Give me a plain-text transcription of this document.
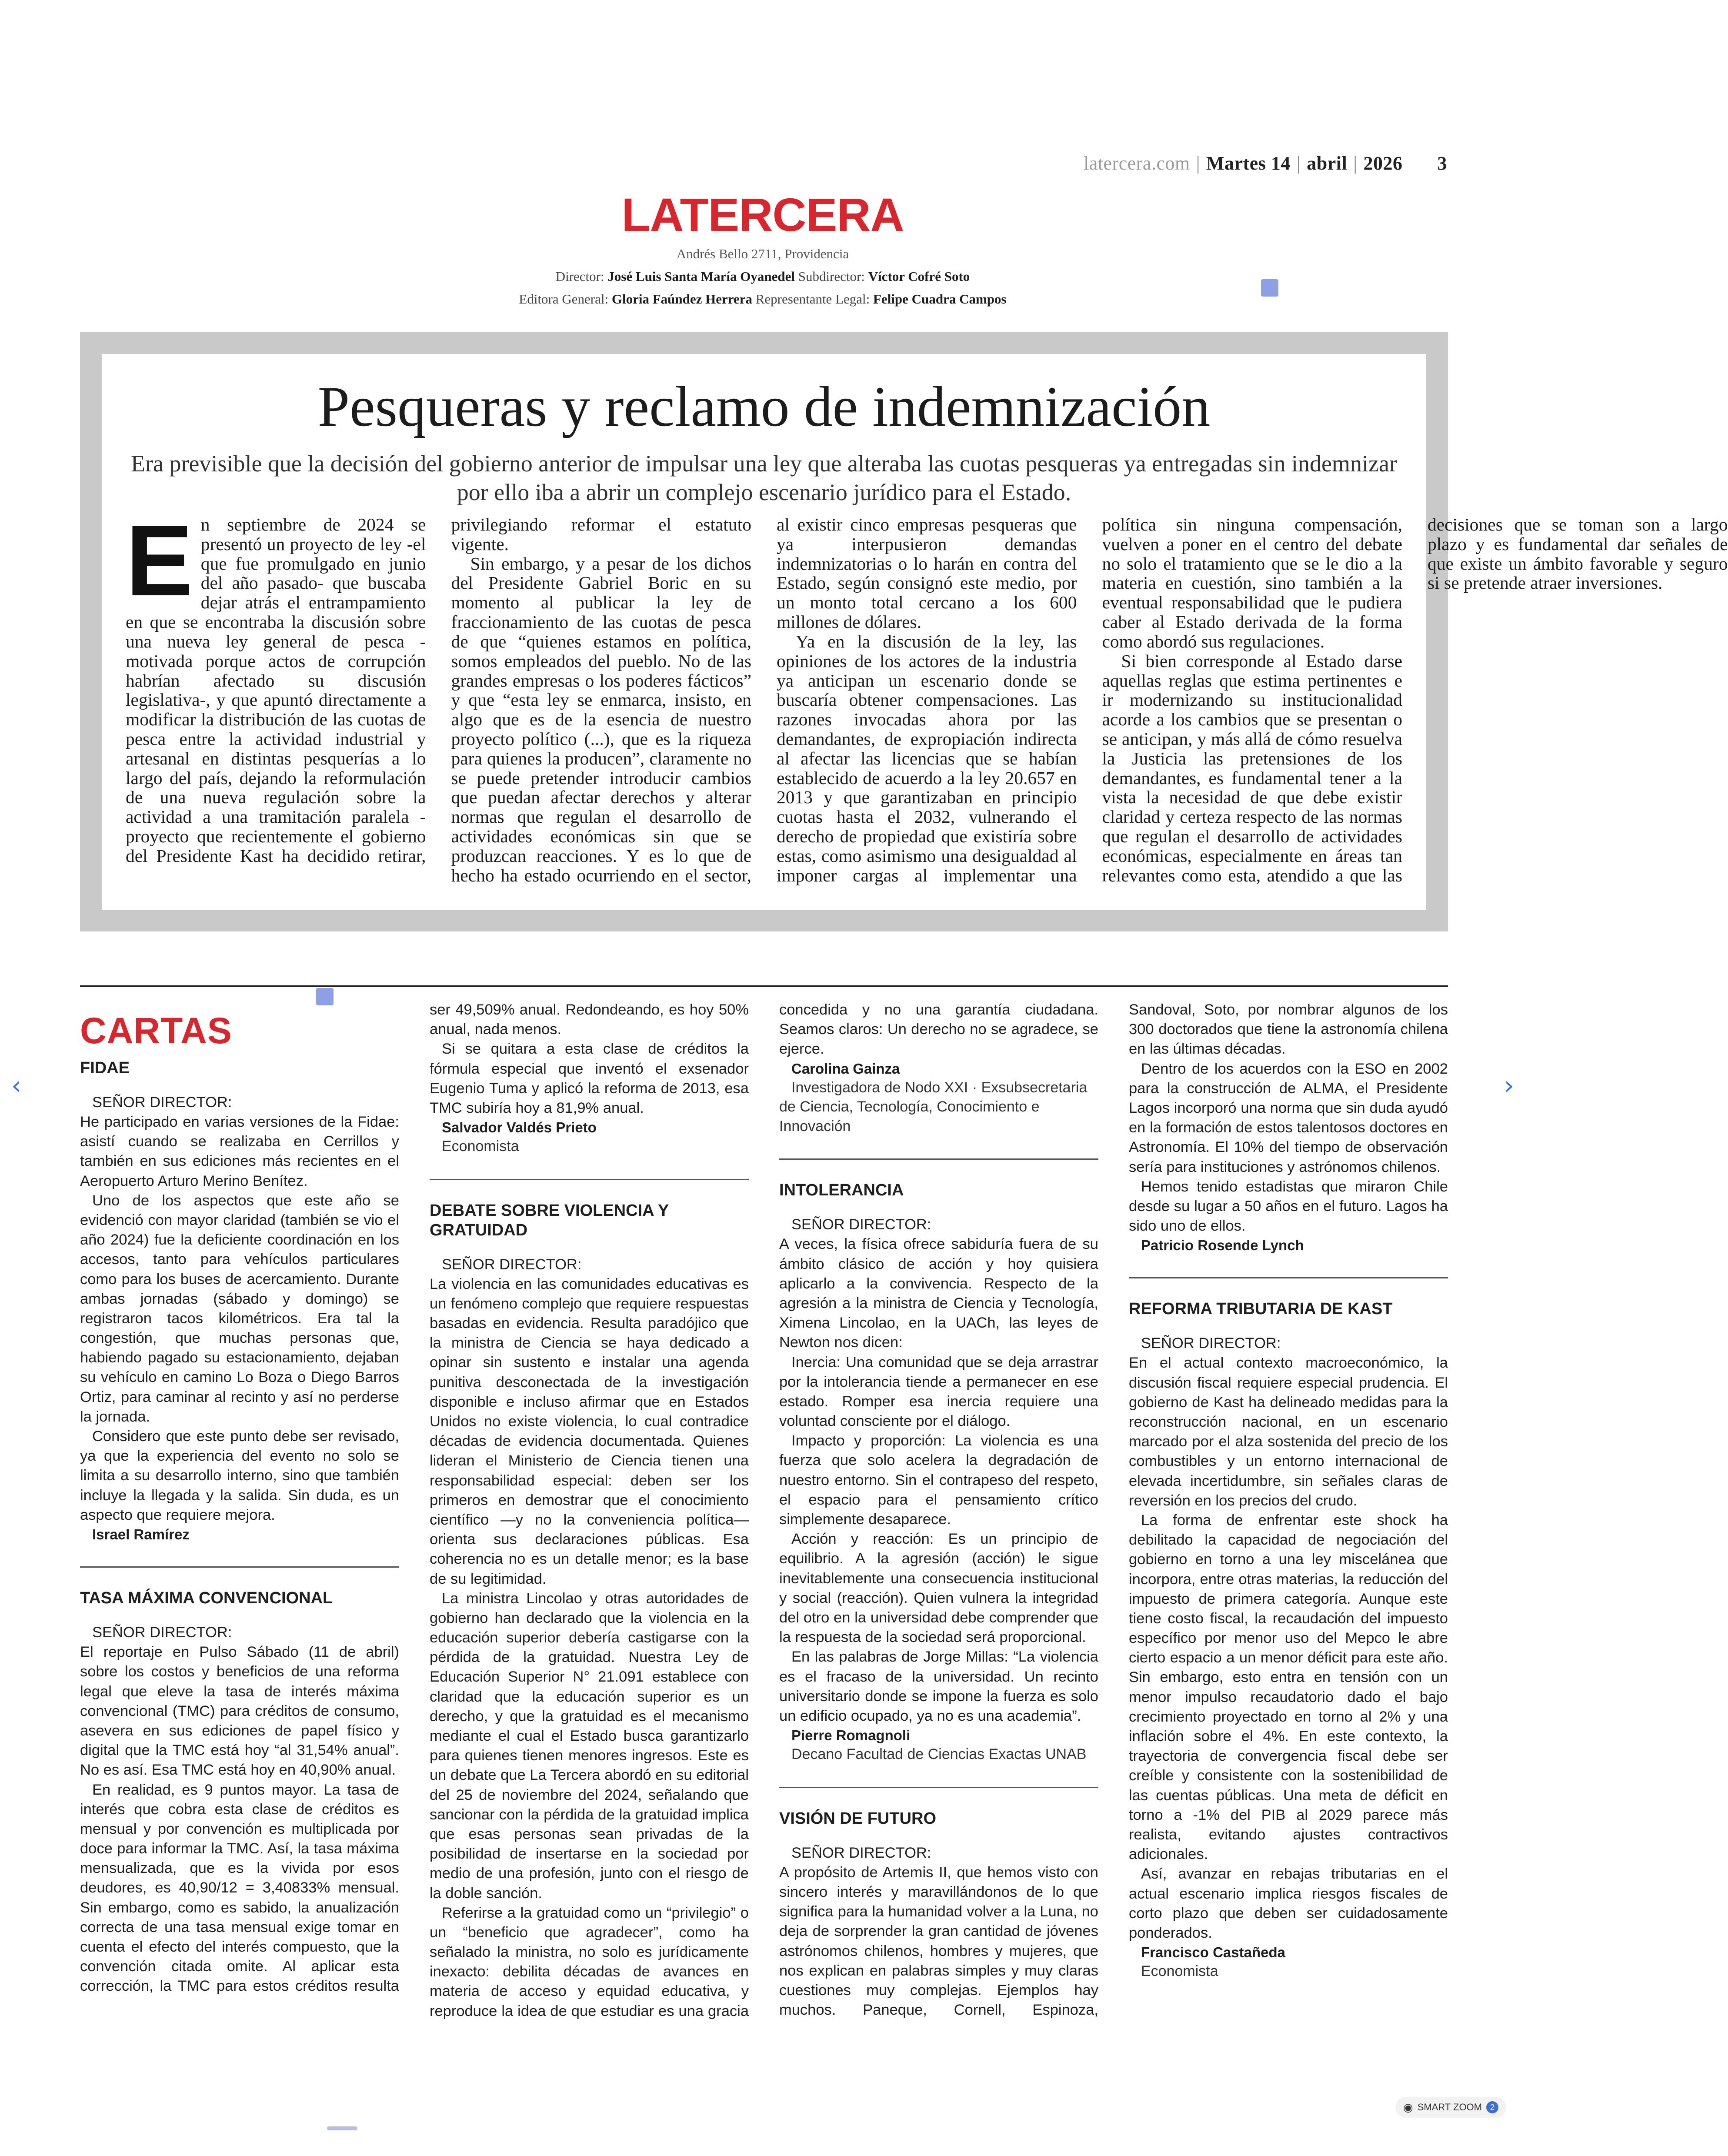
latercera.com | Martes 14 | abril | 2026 3
LATERCERA
Andrés Bello 2711, Providencia
Director: José Luis Santa María Oyanedel Subdirector: Víctor Cofré Soto
Editora General: Gloria Faúndez Herrera Representante Legal: Felipe Cuadra Campos
Pesqueras y reclamo de indemnización
Era previsible que la decisión del gobierno anterior de impulsar una ley que alteraba las cuotas pesqueras ya entregadas sin indemnizar por ello iba a abrir un complejo escenario jurídico para el Estado.

En septiembre de 2024 se presentó un proyecto de ley -el que fue promulgado en junio del año pasado- que buscaba dejar atrás el entrampamiento en que se encontraba la discusión sobre una nueva ley general de pesca -motivada porque actos de corrupción habrían afectado su discusión legislativa-, y que apuntó directamente a modificar la distribución de las cuotas de pesca entre la actividad industrial y artesanal en distintas pesquerías a lo largo del país, dejando la reformulación de una nueva regulación sobre la actividad a una tramitación paralela -proyecto que recientemente el gobierno del Presidente Kast ha decidido retirar, privilegiando reformar el estatuto vigente.

Sin embargo, y a pesar de los dichos del Presidente Gabriel Boric en su momento al publicar la ley de fraccionamiento de las cuotas de pesca de que “quienes estamos en política, somos empleados del pueblo. No de las grandes empresas o los poderes fácticos” y que “esta ley se enmarca, insisto, en algo que es de la esencia de nuestro proyecto político (...), que es la riqueza para quienes la producen”, claramente no se puede pretender introducir cambios que puedan afectar derechos y alterar normas que regulan el desarrollo de actividades económicas sin que se produzcan reacciones. Y es lo que de hecho ha estado ocurriendo en el sector, al existir cinco empresas pesqueras que ya interpusieron demandas indemnizatorias o lo harán en contra del Estado, según consignó este medio, por un monto total cercano a los 600 millones de dólares.

Ya en la discusión de la ley, las opiniones de los actores de la industria ya anticipan un escenario donde se buscaría obtener compensaciones. Las razones invocadas ahora por las demandantes, de expropiación indirecta al afectar las licencias que se habían establecido de acuerdo a la ley 20.657 en 2013 y que garantizaban en principio cuotas hasta el 2032, vulnerando el derecho de propiedad que existiría sobre estas, como asimismo una desigualdad al imponer cargas al implementar una política sin ninguna compensación, vuelven a poner en el centro del debate no solo el tratamiento que se le dio a la materia en cuestión, sino también a la eventual responsabilidad que le pudiera caber al Estado derivada de la forma como abordó sus regulaciones.

Si bien corresponde al Estado darse aquellas reglas que estima pertinentes e ir modernizando su institucionalidad acorde a los cambios que se presentan o se anticipan, y más allá de cómo resuelva la Justicia las pretensiones de los demandantes, es fundamental tener a la vista la necesidad de que debe existir claridad y certeza respecto de las normas que regulan el desarrollo de actividades económicas, especialmente en áreas tan relevantes como esta, atendido a que las decisiones que se toman son a largo plazo y es fundamental dar señales de que existe un ámbito favorable y seguro si se pretende atraer inversiones.

CARTAS
FIDAE

SEÑOR DIRECTOR:

He participado en varias versiones de la Fidae: asistí cuando se realizaba en Cerrillos y también en sus ediciones más recientes en el Aeropuerto Arturo Merino Benítez.

Uno de los aspectos que este año se evidenció con mayor claridad (también se vio el año 2024) fue la deficiente coordinación en los accesos, tanto para vehículos particulares como para los buses de acercamiento. Durante ambas jornadas (sábado y domingo) se registraron tacos kilométricos. Era tal la congestión, que muchas personas que, habiendo pagado su estacionamiento, dejaban su vehículo en camino Lo Boza o Diego Barros Ortiz, para caminar al recinto y así no perderse la jornada.

Considero que este punto debe ser revisado, ya que la experiencia del evento no solo se limita a su desarrollo interno, sino que también incluye la llegada y la salida. Sin duda, es un aspecto que requiere mejora.

Israel Ramírez

TASA MÁXIMA CONVENCIONAL

SEÑOR DIRECTOR:

El reportaje en Pulso Sábado (11 de abril) sobre los costos y beneficios de una reforma legal que eleve la tasa de interés máxima convencional (TMC) para créditos de consumo, asevera en sus ediciones de papel físico y digital que la TMC está hoy “al 31,54% anual”. No es así. Esa TMC está hoy en 40,90% anual.

En realidad, es 9 puntos mayor. La tasa de interés que cobra esta clase de créditos es mensual y por convención es multiplicada por doce para informar la TMC. Así, la tasa máxima mensualizada, que es la vivida por esos deudores, es 40,90/12 = 3,40833% mensual. Sin embargo, como es sabido, la anualización correcta de una tasa mensual exige tomar en cuenta el efecto del interés compuesto, que la convención citada omite. Al aplicar esta corrección, la TMC para estos créditos resulta ser 49,509% anual. Redondeando, es hoy 50% anual, nada menos.

Si se quitara a esta clase de créditos la fórmula especial que inventó el exsenador Eugenio Tuma y aplicó la reforma de 2013, esa TMC subiría hoy a 81,9% anual.

Salvador Valdés Prieto

Economista

DEBATE SOBRE VIOLENCIA Y GRATUIDAD

SEÑOR DIRECTOR:

La violencia en las comunidades educativas es un fenómeno complejo que requiere respuestas basadas en evidencia. Resulta paradójico que la ministra de Ciencia se haya dedicado a opinar sin sustento e instalar una agenda punitiva desconectada de la investigación disponible e incluso afirmar que en Estados Unidos no existe violencia, lo cual contradice décadas de evidencia documentada. Quienes lideran el Ministerio de Ciencia tienen una responsabilidad especial: deben ser los primeros en demostrar que el conocimiento científico —y no la conveniencia política— orienta sus declaraciones públicas. Esa coherencia no es un detalle menor; es la base de su legitimidad.

La ministra Lincolao y otras autoridades de gobierno han declarado que la violencia en la educación superior debería castigarse con la pérdida de la gratuidad. Nuestra Ley de Educación Superior N° 21.091 establece con claridad que la educación superior es un derecho, y que la gratuidad es el mecanismo mediante el cual el Estado busca garantizarlo para quienes tienen menores ingresos. Este es un debate que La Tercera abordó en su editorial del 25 de noviembre del 2024, señalando que sancionar con la pérdida de la gratuidad implica que esas personas sean privadas de la posibilidad de insertarse en la sociedad por medio de una profesión, junto con el riesgo de la doble sanción.

Referirse a la gratuidad como un “privilegio” o un “beneficio que agradecer”, como ha señalado la ministra, no solo es jurídicamente inexacto: debilita décadas de avances en materia de acceso y equidad educativa, y reproduce la idea de que estudiar es una gracia concedida y no una garantía ciudadana. Seamos claros: Un derecho no se agradece, se ejerce.

Carolina Gainza

Investigadora de Nodo XXI · Exsubsecretaria de Ciencia, Tecnología, Conocimiento e Innovación

INTOLERANCIA

SEÑOR DIRECTOR:

A veces, la física ofrece sabiduría fuera de su ámbito clásico de acción y hoy quisiera aplicarlo a la convivencia. Respecto de la agresión a la ministra de Ciencia y Tecnología, Ximena Lincolao, en la UACh, las leyes de Newton nos dicen:

Inercia: Una comunidad que se deja arrastrar por la intolerancia tiende a permanecer en ese estado. Romper esa inercia requiere una voluntad consciente por el diálogo.

Impacto y proporción: La violencia es una fuerza que solo acelera la degradación de nuestro entorno. Sin el contrapeso del respeto, el espacio para el pensamiento crítico simplemente desaparece.

Acción y reacción: Es un principio de equilibrio. A la agresión (acción) le sigue inevitablemente una consecuencia institucional y social (reacción). Quien vulnera la integridad del otro en la universidad debe comprender que la respuesta de la sociedad será proporcional.

En las palabras de Jorge Millas: “La violencia es el fracaso de la universidad. Un recinto universitario donde se impone la fuerza es solo un edificio ocupado, ya no es una academia”.

Pierre Romagnoli

Decano Facultad de Ciencias Exactas UNAB

VISIÓN DE FUTURO

SEÑOR DIRECTOR:

A propósito de Artemis II, que hemos visto con sincero interés y maravillándonos de lo que significa para la humanidad volver a la Luna, no deja de sorprender la gran cantidad de jóvenes astrónomos chilenos, hombres y mujeres, que nos explican en palabras simples y muy claras cuestiones muy complejas. Ejemplos hay muchos. Paneque, Cornell, Espinoza, Sandoval, Soto, por nombrar algunos de los 300 doctorados que tiene la astronomía chilena en las últimas décadas.

Dentro de los acuerdos con la ESO en 2002 para la construcción de ALMA, el Presidente Lagos incorporó una norma que sin duda ayudó en la formación de estos talentosos doctores en Astronomía. El 10% del tiempo de observación sería para instituciones y astrónomos chilenos.

Hemos tenido estadistas que miraron Chile desde su lugar a 50 años en el futuro. Lagos ha sido uno de ellos.

Patricio Rosende Lynch

REFORMA TRIBUTARIA DE KAST

SEÑOR DIRECTOR:

En el actual contexto macroeconómico, la discusión fiscal requiere especial prudencia. El gobierno de Kast ha delineado medidas para la reconstrucción nacional, en un escenario marcado por el alza sostenida del precio de los combustibles y un entorno internacional de elevada incertidumbre, sin señales claras de reversión en los precios del crudo.

La forma de enfrentar este shock ha debilitado la capacidad de negociación del gobierno en torno a una ley miscelánea que incorpora, entre otras materias, la reducción del impuesto de primera categoría. Aunque este tiene costo fiscal, la recaudación del impuesto específico por menor uso del Mepco le abre cierto espacio a un menor déficit para este año. Sin embargo, esto entra en tensión con un menor impulso recaudatorio dado el bajo crecimiento proyectado en torno al 2% y una inflación sobre el 4%. En este contexto, la trayectoria de convergencia fiscal debe ser creíble y consistente con la sostenibilidad de las cuentas públicas. Una meta de déficit en torno a -1% del PIB al 2029 parece más realista, evitando ajustes contractivos adicionales.

Así, avanzar en rebajas tributarias en el actual escenario implica riesgos fiscales de corto plazo que deben ser cuidadosamente ponderados.

Francisco Castañeda

Economista

‹	›
◉ SMART ZOOM	2
